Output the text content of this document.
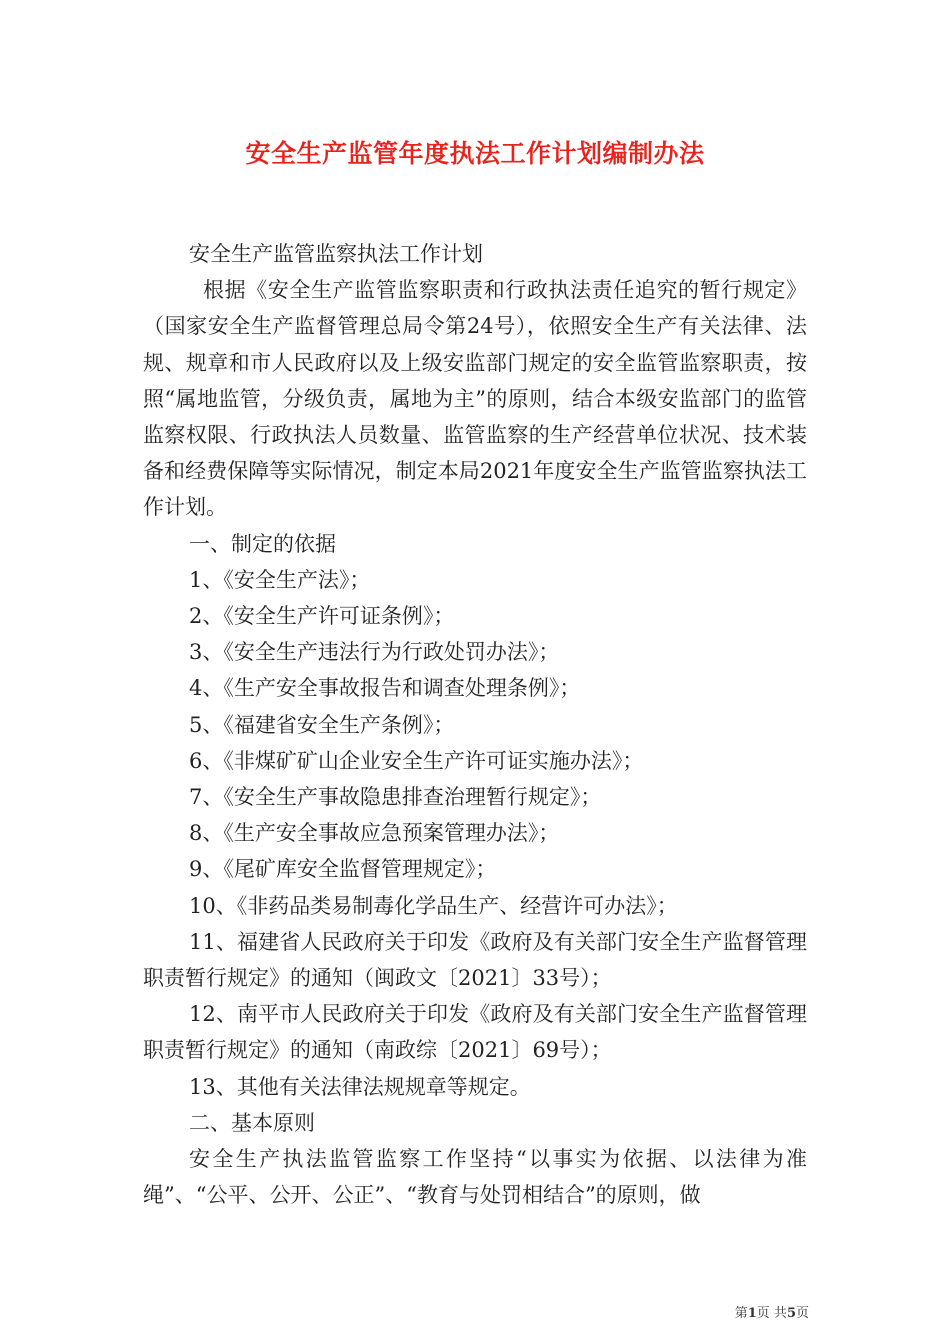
安全生产监管年度执法工作计划编制办法

安全生产监管监察执法工作计划

根据《安全生产监管监察职责和行政执法责任追究的暂行规定》（国家安全生产监督管理总局令第24号），依照安全生产有关法律、法规、规章和市人民政府以及上级安监部门规定的安全监管监察职责，按照“属地监管，分级负责，属地为主”的原则，结合本级安监部门的监管监察权限、行政执法人员数量、监管监察的生产经营单位状况、技术装备和经费保障等实际情况，制定本局2021年度安全生产监管监察执法工作计划。

一、制定的依据

1、《安全生产法》；

2、《安全生产许可证条例》；

3、《安全生产违法行为行政处罚办法》；

4、《生产安全事故报告和调查处理条例》；

5、《福建省安全生产条例》；

6、《非煤矿矿山企业安全生产许可证实施办法》；

7、《安全生产事故隐患排查治理暂行规定》；

8、《生产安全事故应急预案管理办法》；

9、《尾矿库安全监督管理规定》；

10、《非药品类易制毒化学品生产、经营许可办法》；

11、福建省人民政府关于印发《政府及有关部门安全生产监督管理职责暂行规定》的通知（闽政文〔2021〕33号）；

12、南平市人民政府关于印发《政府及有关部门安全生产监督管理职责暂行规定》的通知（南政综〔2021〕69号）；

13、其他有关法律法规规章等规定。

二、基本原则

安全生产执法监管监察工作坚持“以事实为依据、以法律为准绳”、“公平、公开、公正”、“教育与处罚相结合”的原则，做

第1页 共5页
